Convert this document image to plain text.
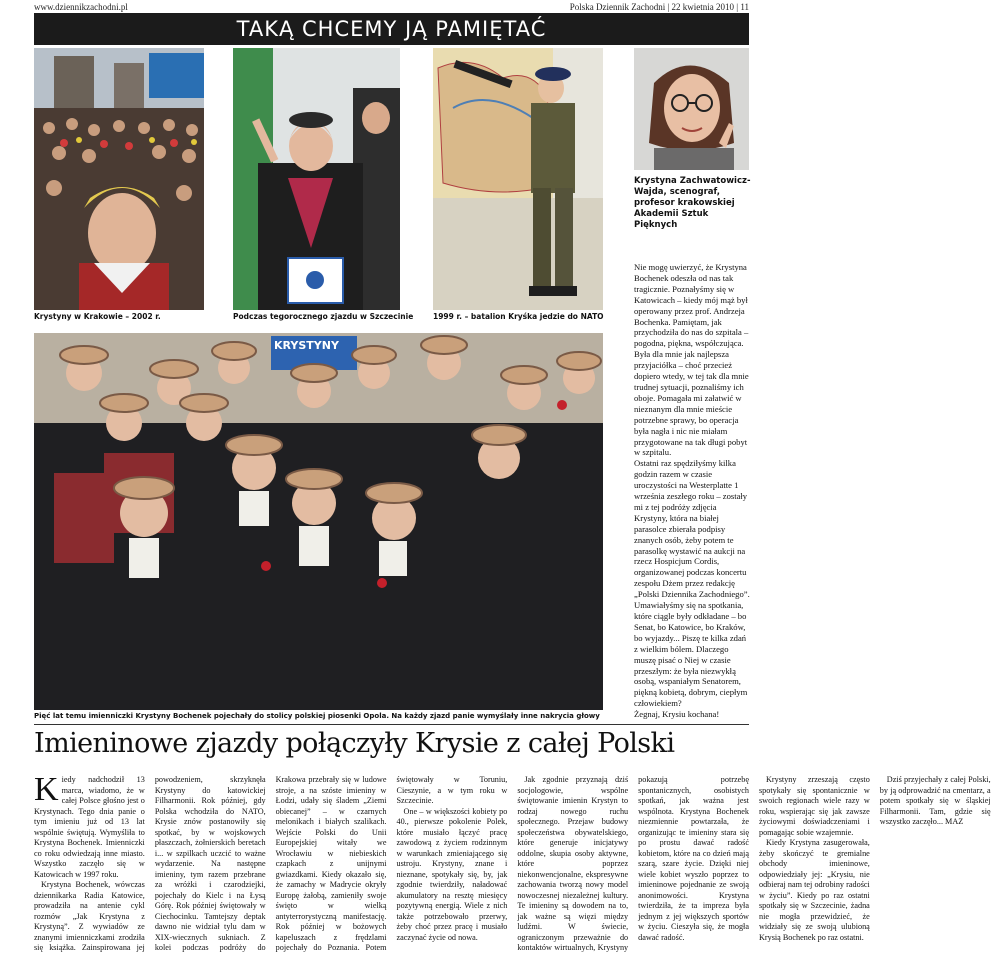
www.dziennikzachodni.pl	Polska Dziennik Zachodni | 22 kwietnia 2010 | 11
TAKĄ CHCEMY JĄ PAMIĘTAĆ
Krystyny w Krakowie – 2002 r.	Podczas tegorocznego zjazdu w Szczecinie	1999 r. – batalion Kryśka jedzie do NATO
Krystyna Zachwatowicz-Wajda, scenograf, profesor krakowskiej Akademii Sztuk Pięknych

Nie mogę uwierzyć, że Krystyna Bochenek odeszła od nas tak tragicznie. Poznałyśmy się w Katowicach – kiedy mój mąż był operowany przez prof. Andrzeja Bochenka. Pamiętam, jak przychodziła do nas do szpitala – pogodna, piękna, współczująca. Była dla mnie jak najlepsza przyjaciółka – choć przecież dopiero wtedy, w tej tak dla mnie trudnej sytuacji, poznaliśmy ich oboje. Pomagała mi załatwić w nieznanym dla mnie mieście potrzebne sprawy, bo operacja była nagła i nic nie miałam przygotowane na tak długi pobyt w szpitalu.

Ostatni raz spędziłyśmy kilka godzin razem w czasie uroczystości na Westerplatte 1 września zeszłego roku – zostały mi z tej podróży zdjęcia Krystyny, która na białej parasolce zbierała podpisy znanych osób, żeby potem te parasolkę wystawić na aukcji na rzecz Hospicjum Cordis, organizowanej podczas koncertu zespołu Dżem przez redakcję „Polski Dziennika Zachodniego”.

Umawiałyśmy się na spotkania, które ciągle były odkładane – bo Senat, bo Katowice, bo Kraków, bo wyjazdy... Piszę te kilka zdań z wielkim bólem. Dlaczego muszę pisać o Niej w czasie przeszłym: że była niezwykłą osobą, wspaniałym Senatorem, piękną kobietą, dobrym, ciepłym człowiekiem?

Żegnaj, Krysiu kochana!

KRYSTYNY
Pięć lat temu imienniczki Krystyny Bochenek pojechały do stolicy polskiej piosenki Opola. Na każdy zjazd panie wymyślały inne nakrycia głowy
Imieninowe zjazdy połączyły Krysie z całej Polski

Kiedy nadchodził 13 marca, wiadomo, że w całej Polsce głośno jest o Krystynach. Tego dnia panie o tym imieniu już od 13 lat wspólnie świętują. Wymyśliła to Krystyna Bochenek. Imienniczki co roku odwiedzają inne miasto. Wszystko zaczęło się w Katowicach w 1997 roku.

Krystyna Bochenek, wówczas dziennikarka Radia Katowice, prowadziła na antenie cykl rozmów „Jak Krystyna z Krystyną”. Z wywiadów ze znanymi imienniczkami zrodziła się książka. Zainspirowana jej powodzeniem, skrzyknęła Krystyny do katowickiej Filharmonii. Rok później, gdy Polska wchodziła do NATO, Krysie znów postanowiły się spotkać, by w wojskowych płaszczach, żołnierskich beretach i... w szpilkach uczcić to ważne wydarzenie. Na następne imieniny, tym razem przebrane za wróżki i czarodziejki, pojechały do Kielc i na Łysą Górę. Rok później świętowały w Ciechocinku. Tamtejszy deptak dawno nie widział tylu dam w XIX-wiecznych sukniach. Z kolei podczas podróży do Krakowa przebrały się w ludowe stroje, a na szóste imieniny w Łodzi, udały się śladem „Ziemi obiecanej” – w czarnych melonikach i białych szalikach. Wejście Polski do Unii Europejskiej witały we Wrocławiu w niebieskich czapkach z unijnymi gwiazdkami. Kiedy okazało się, że zamachy w Madrycie okryły Europę żałobą, zamieniły swoje święto w wielką antyterrorystyczną manifestację. Rok później w bożowych kapeluszach z frędzlami pojechały do Poznania. Potem świętowały w Toruniu, Cieszynie, a w tym roku w Szczecinie.

One – w większości kobiety po 40., pierwsze pokolenie Polek, które musiało łączyć pracę zawodową z życiem rodzinnym w warunkach zmieniającego się ustroju. Krystyny, znane i nieznane, spotykały się, by, jak zgodnie twierdziły, naładować akumulatory na resztę miesięcy pozytywną energią. Wiele z nich także potrzebowało przerwy, żeby choć przez pracę i musiało zaczynać życie od nowa.

Jak zgodnie przyznają dziś socjologowie, wspólne świętowanie imienin Krystyn to rodzaj nowego ruchu społecznego. Przejaw budowy społeczeństwa obywatelskiego, które generuje inicjatywy oddolne, skupia osoby aktywne, które poprzez niekonwencjonalne, ekspresywne zachowania tworzą nowy model nowoczesnej niezależnej kultury. Te imieniny są dowodem na to, jak ważne są więzi między ludźmi. W świecie, ograniczonym przeważnie do kontaktów wirtualnych, Krystyny pokazują potrzebę spontanicznych, osobistych spotkań, jak ważna jest wspólnota. Krystyna Bochenek niezmiennie powtarzała, że organizując te imieniny stara się po prostu dawać radość kobietom, które na co dzień mają szarą, szare życie. Dzięki niej wiele kobiet wyszło poprzez to imieninowe pojednanie ze swoją anonimowości. Krystyna twierdziła, że ta impreza była jednym z jej większych sportów w życiu. Cieszyła się, że mogła dawać radość.

Krystyny zrzeszają często spotykały się spontanicznie w swoich regionach wiele razy w roku, wspierając się jak zawsze życiowymi doświadczeniami i pomagając sobie wzajemnie.

Kiedy Krystyna zasugerowała, żeby skończyć te gremialne obchody imieninowe, odpowiedziały jej: „Krysiu, nie odbieraj nam tej odrobiny radości w życiu”. Kiedy po raz ostatni spotkały się w Szczecinie, żadna nie mogła przewidzieć, że widziały się ze swoją ulubioną Krysią Bochenek po raz ostatni.

Dziś przyjechały z całej Polski, by ją odprowadzić na cmentarz, a potem spotkały się w śląskiej Filharmonii. Tam, gdzie się wszystko zaczęło... MAZ
